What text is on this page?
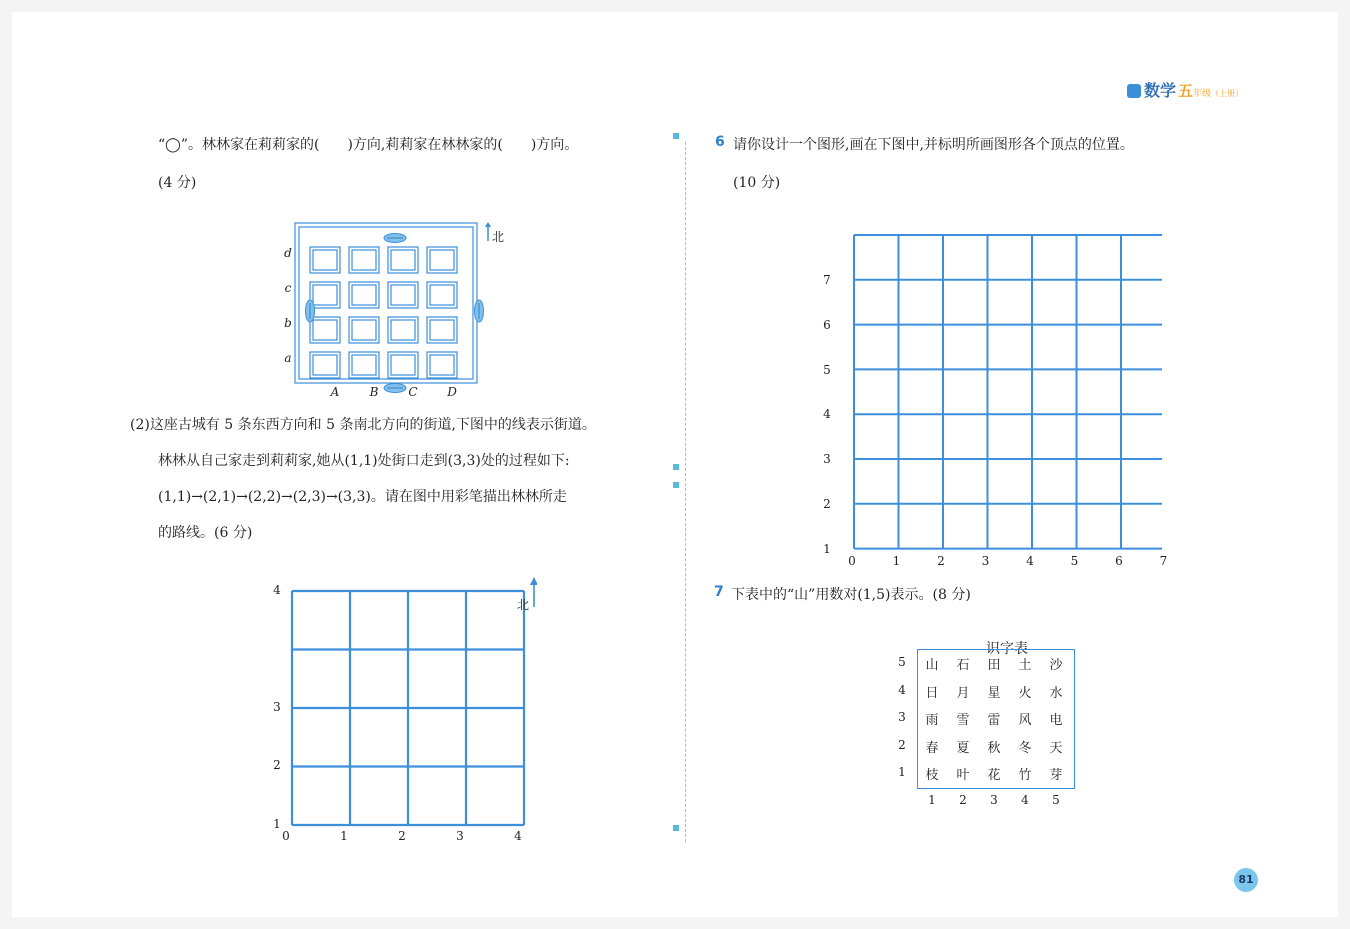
数学 五 年级 （上册）
“◯”。林林家在莉莉家的(　　)方向,莉莉家在林林家的(　　)方向。
(4 分)
北
A	B	C D
d
c
b
a
(2)这座古城有 5 条东西方向和 5 条南北方向的街道,下图中的线表示街道。
林林从自己家走到莉莉家,她从(1,1)处街口走到(3,3)处的过程如下:
(1,1)→(2,1)→(2,2)→(2,3)→(3,3)。请在图中用彩笔描出林林所走
的路线。(6 分)
北
0	1	2	3	4
1
2
3
4
6 请你设计一个图形,画在下图中,并标明所画图形各个顶点的位置。
(10 分)
0	1	2	3	4	5	6	7
1
2
3
4
5
6
7
7 下表中的“山”用数对(1,5)表示。(8 分)
识字表
5	山 石 田 土 沙
4	日 月 星 火 水
3	雨 雪 雷 风 电
2	春 夏 秋 冬 天
1	枝 叶 花 竹 芽
1	2	3	4	5
81
